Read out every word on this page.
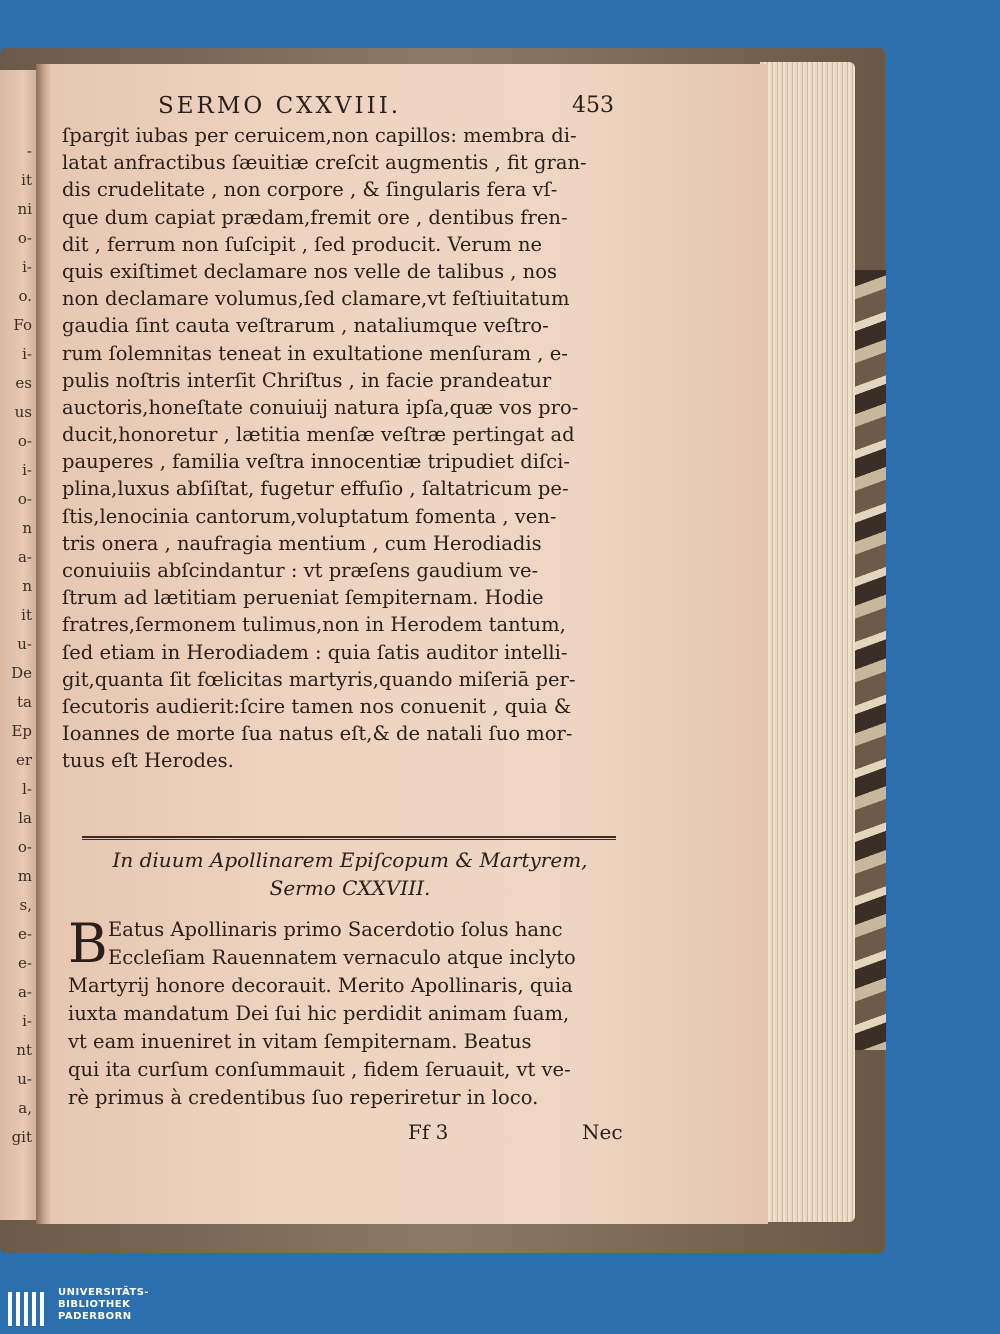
-
it
ni
o-
i-
o.
Fo
i-
es
us
o-
i-
o-
n
a-
n
it
u-
De
ta
Ep
er
l-
la
o-
m
s,
e-
e-
a-
i-
nt
u-
a,
git
SERMO CXXVIII.	453
ſpargit iubas per ceruicem,non capillos: membra di-
latat anfractibus ſæuitiæ creſcit augmentis , fit gran-
dis crudelitate , non corpore , & ſingularis fera vſ-
que dum capiat prædam,fremit ore , dentibus fren-
dit , ferrum non ſuſcipit , ſed producit. Verum ne
quis exiſtimet declamare nos velle de talibus , nos
non declamare volumus,ſed clamare,vt feſtiuitatum
gaudia ſint cauta veſtrarum , nataliumque veſtro-
rum ſolemnitas teneat in exultatione menſuram , e-
pulis noſtris interſit Chriſtus , in facie prandeatur
auctoris,honeſtate conuiuij natura ipſa,quæ vos pro-
ducit,honoretur , lætitia menſæ veſtræ pertingat ad
pauperes , familia veſtra innocentiæ tripudiet diſci-
plina,luxus abſiſtat, fugetur effuſio , ſaltatricum pe-
ſtis,lenocinia cantorum,voluptatum fomenta , ven-
tris onera , naufragia mentium , cum Herodiadis
conuiuiis abſcindantur : vt præſens gaudium ve-
ſtrum ad lætitiam perueniat ſempiternam. Hodie
fratres,ſermonem tulimus,non in Herodem tantum,
ſed etiam in Herodiadem : quia ſatis auditor intelli-
git,quanta ſit fœlicitas martyris,quando miſeriā per-
ſecutoris audierit:ſcire tamen nos conuenit , quia &
Ioannes de morte ſua natus eſt,& de natali ſuo mor-
tuus eſt Herodes.
In diuum Apollinarem Epiſcopum & Martyrem,
Sermo CXXVIII.
B Eatus Apollinaris primo Sacerdotio ſolus hanc
Eccleſiam Rauennatem vernaculo atque inclyto
Martyrij honore decorauit. Merito Apollinaris, quia
iuxta mandatum Dei ſui hic perdidit animam ſuam,
vt eam inueniret in vitam ſempiternam. Beatus
qui ita curſum conſummauit , fidem ſeruauit, vt ve-
rè primus à credentibus ſuo reperiretur in loco.
Ff 3	Nec
UNIVERSITÄTS-
BIBLIOTHEK
PADERBORN
